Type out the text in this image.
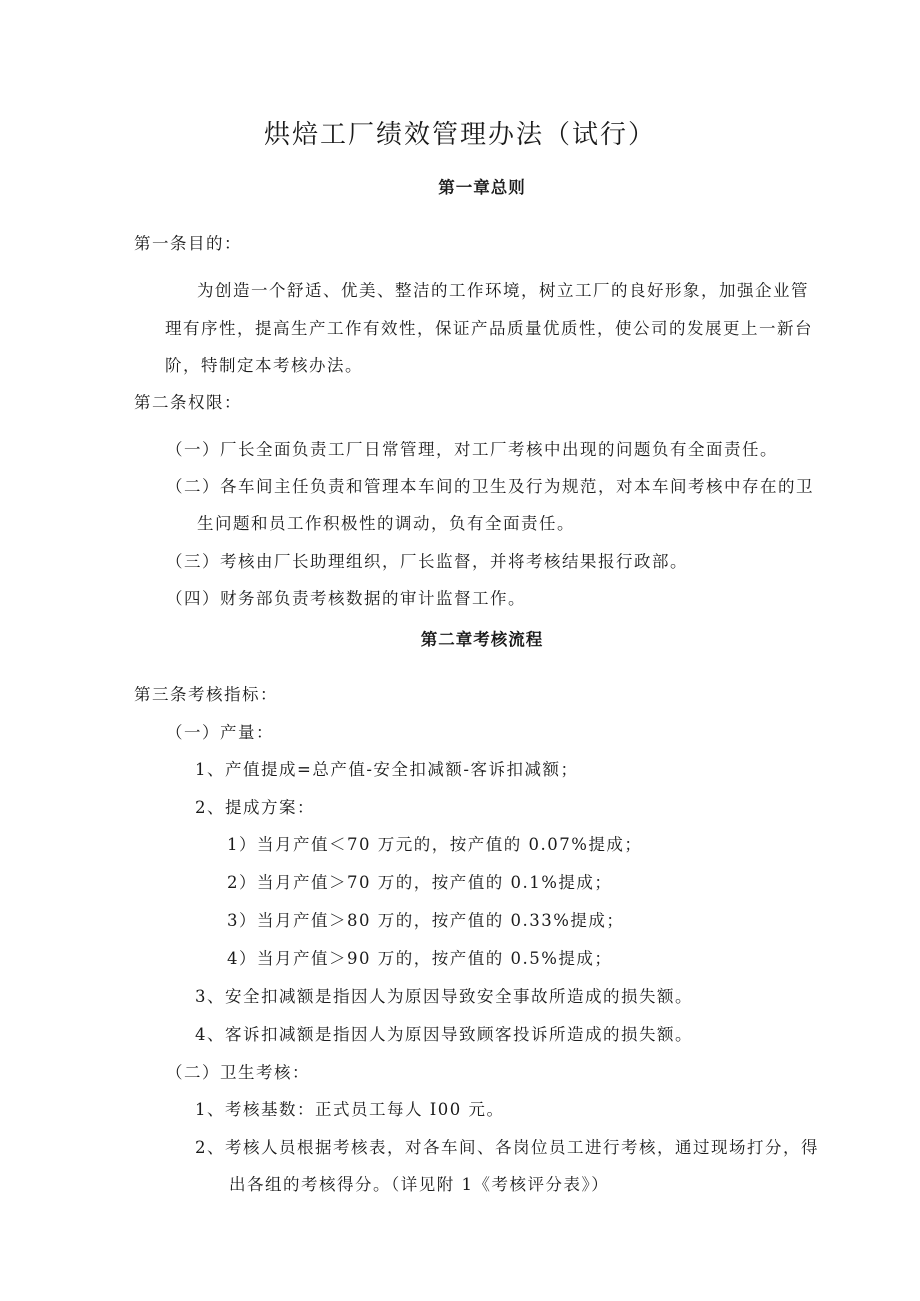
烘焙工厂绩效管理办法（试行）
第一章总则
第一条目的：
为创造一个舒适、优美、整洁的工作环境，树立工厂的良好形象，加强企业管
理有序性，提高生产工作有效性，保证产品质量优质性，使公司的发展更上一新台
阶，特制定本考核办法。
第二条权限：
（一）厂长全面负责工厂日常管理，对工厂考核中出现的问题负有全面责任。
（二）各车间主任负责和管理本车间的卫生及行为规范，对本车间考核中存在的卫
生问题和员工作积极性的调动，负有全面责任。
（三）考核由厂长助理组织，厂长监督，并将考核结果报行政部。
（四）财务部负责考核数据的审计监督工作。
第二章考核流程
第三条考核指标：
（一）产量：
1、产值提成=总产值-安全扣减额-客诉扣减额；
2、提成方案：
1）当月产值＜70 万元的，按产值的 0.07%提成；
2）当月产值＞70 万的，按产值的 0.1%提成；
3）当月产值＞80 万的，按产值的 0.33%提成；
4）当月产值＞90 万的，按产值的 0.5%提成；
3、安全扣减额是指因人为原因导致安全事故所造成的损失额。
4、客诉扣减额是指因人为原因导致顾客投诉所造成的损失额。
（二）卫生考核：
1、考核基数：正式员工每人 I00 元。
2、考核人员根据考核表，对各车间、各岗位员工进行考核，通过现场打分，得
出各组的考核得分。（详见附 1《考核评分表》）
